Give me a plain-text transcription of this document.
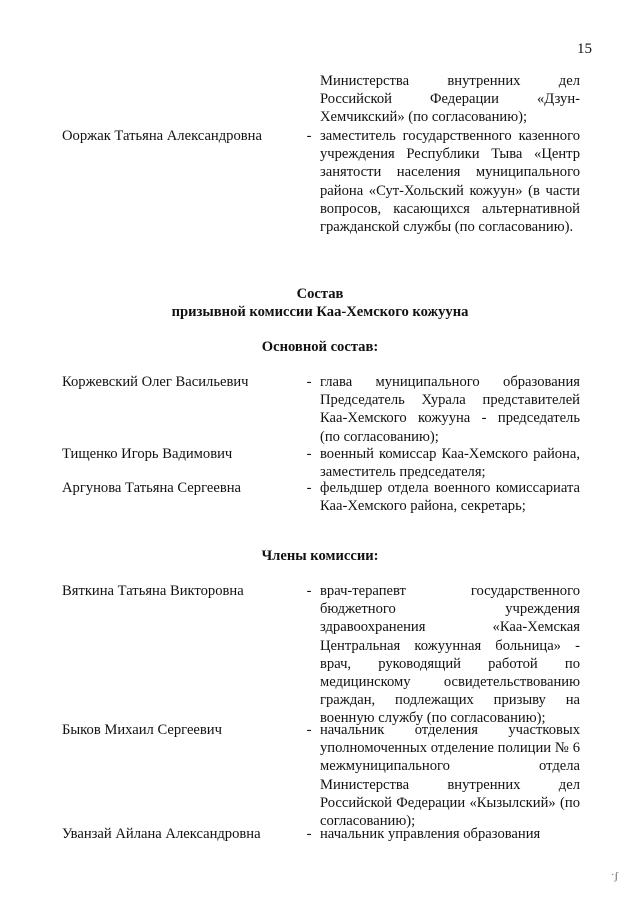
15
Министерства внутренних дел Российской Федерации «Дзун-Хемчикский» (по согласованию);
Ооржак Татьяна Александровна	- заместитель государственного казенного учреждения Республики Тыва «Центр занятости населения муниципального района «Сут-Хольский кожуун» (в части вопросов, касающихся альтернативной гражданской службы (по согласованию).
Состав
призывной комиссии Каа-Хемского кожууна
Основной состав:
Коржевский Олег Васильевич	- глава муниципального образования Председатель Хурала представителей Каа-Хемского кожууна - председатель (по согласованию);
Тищенко Игорь Вадимович	- военный комиссар Каа-Хемского района, заместитель председателя;
Аргунова Татьяна Сергеевна	- фельдшер отдела военного комиссариата Каа-Хемского района, секретарь;
Члены комиссии:
Вяткина Татьяна Викторовна	- врач-терапевт государственного бюджетного учреждения здравоохранения «Каа-Хемская Центральная кожуунная больница» - врач, руководящий работой по медицинскому освидетельствованию граждан, подлежащих призыву на военную службу (по согласованию);
Быков Михаил Сергеевич	- начальник отделения участковых уполномоченных отделение полиции № 6 межмуниципального отдела Министерства внутренних дел Российской Федерации «Кызылский» (по согласованию);
Уванзай Айлана Александровна	- начальник управления образования
ˑʃ
